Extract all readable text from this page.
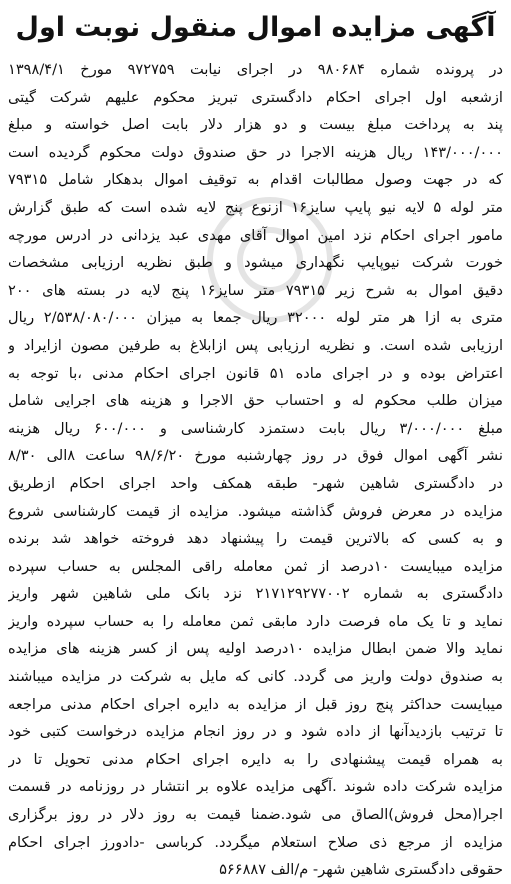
آگهی مزایده اموال منقول نوبت اول
در پرونده شماره ۹۸۰۶۸۴ در اجرای نیابت ۹۷۲۷۵۹ مورخ ۱۳۹۸/۴/۱
ازشعبه اول اجرای احکام دادگستری تبریز محکوم علیهم شرکت گیتی
پند به پرداخت مبلغ بیست و دو هزار دلار بابت اصل خواسته و مبلغ
۱۴۳/۰۰۰/۰۰۰ ریال هزینه الاجرا در حق صندوق دولت محکوم گردیده است
که در جهت وصول مطالبات اقدام به توقیف اموال بدهکار شامل ۷۹۳۱۵
متر لوله ۵ لایه نیو پایپ سایز۱۶ ازنوع پنج لایه شده است که طبق گزارش
مامور اجرای احکام نزد امین اموال آقای مهدی عبد یزدانی در ادرس مورچه
خورت شرکت نیوپایپ نگهداری میشود و طبق نظریه ارزیابی مشخصات
دقیق اموال به شرح زیر ۷۹۳۱۵ متر سایز۱۶ پنج لایه در بسته های ۲۰۰
متری به ازا هر متر لوله ۳۲۰۰۰ ریال جمعا به میزان ۲/۵۳۸/۰۸۰/۰۰۰ ریال
ارزیابی شده است. و نظریه ارزیابی پس ازابلاغ به طرفین مصون ازایراد و
اعتراض بوده و در اجرای ماده ۵۱ قانون اجرای احکام مدنی ،با توجه به
میزان طلب محکوم له و احتساب حق الاجرا و هزینه های اجرایی شامل
مبلغ ۳/۰۰۰/۰۰۰ ریال بابت دستمزد کارشناسی و ۶۰۰/۰۰۰ ریال هزینه
نشر آگهی اموال فوق در روز چهارشنبه مورخ ۹۸/۶/۲۰ ساعت ۸الی ۸/۳۰
در دادگستری شاهین شهر- طبقه همکف واحد اجرای احکام ازطریق
مزایده در معرض فروش گذاشته میشود. مزایده از قیمت کارشناسی شروع
و به کسی که بالاترین قیمت را پیشنهاد دهد فروخته خواهد شد برنده
مزایده میبایست ۱۰درصد از ثمن معامله راقی المجلس به حساب سپرده
دادگستری به شماره ۲۱۷۱۲۹۲۷۷۰۰۲ نزد بانک ملی شاهین شهر واریز
نماید و تا یک ماه فرصت دارد مابقی ثمن معامله را به حساب سپرده واریز
نماید والا ضمن ابطال مزایده ۱۰درصد اولیه پس از کسر هزینه های مزایده
به صندوق دولت واریز می گردد. کانی که مایل به شرکت در مزایده میباشند
میبایست حداکثر پنج روز قبل از مزایده به دایره اجرای احکام مدنی مراجعه
تا ترتیب بازدیدآنها از داده شود و در روز انجام مزایده درخواست کتبی خود
به همراه قیمت پیشنهادی را به دایره اجرای احکام مدنی تحویل تا در
مزایده شرکت داده شوند .آگهی مزایده علاوه بر انتشار در روزنامه در قسمت
اجرا(محل فروش)الصاق می شود.ضمنا قیمت به روز دلار در روز برگزاری
مزایده از مرجع ذی صلاح استعلام میگردد. کرباسی -دادورز اجرای احکام
حقوقی دادگستری شاهین شهر- م/الف ۵۶۶۸۸۷
